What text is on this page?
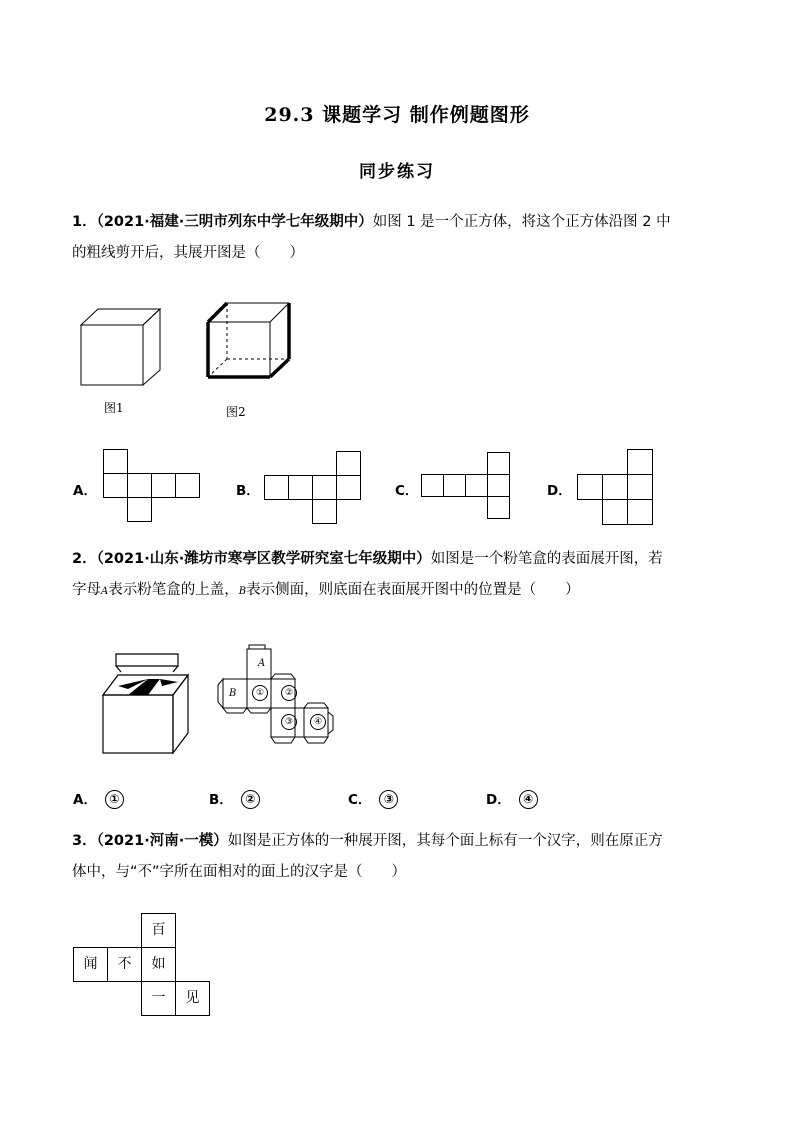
29.3 课题学习 制作例题图形
同步练习
1．（2021·福建·三明市列东中学七年级期中）如图 1 是一个正方体，将这个正方体沿图 2 中
的粗线剪开后，其展开图是（　　）
图1	图2
A．	B．	C．	D．
2．（2021·山东·潍坊市寒亭区教学研究室七年级期中）如图是一个粉笔盒的表面展开图，若
字母A表示粉笔盒的上盖，B表示侧面，则底面在表面展开图中的位置是（　　）
A
B	①	②
③	④
A． ①	B． ②	C． ③	D． ④
3．（2021·河南·一模）如图是正方体的一种展开图，其每个面上标有一个汉字，则在原正方
体中，与“不”字所在面相对的面上的汉字是（　　）
百
闻	不	如
一	见
